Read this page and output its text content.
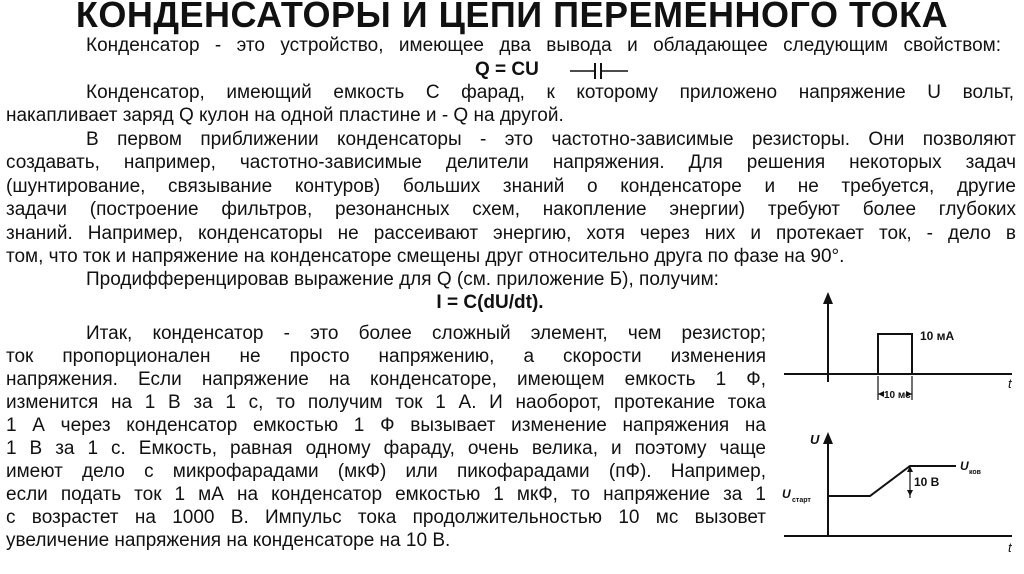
КОНДЕНСАТОРЫ И ЦЕПИ ПЕРЕМЕННОГО ТОКА

Конденсатор - это устройство, имеющее два вывода и обладающее следующим свойством:

Q = CU

Конденсатор, имеющий емкость С фарад, к которому приложено напряжение U вольт,

накапливает заряд Q кулон на одной пластине и - Q на другой.

В первом приближении конденсаторы - это частотно-зависимые резисторы. Они позволяют

создавать, например, частотно-зависимые делители напряжения. Для решения некоторых задач

(шунтирование, связывание контуров) больших знаний о конденсаторе и не требуется, другие

задачи (построение фильтров, резонансных схем, накопление энергии) требуют более глубоких

знаний. Например, конденсаторы не рассеивают энергию, хотя через них и протекает ток, - дело в

том, что ток и напряжение на конденсаторе смещены друг относительно друга по фазе на 90°.

Продифференцировав выражение для Q (см. приложение Б), получим:

I = C(dU/dt).

Итак, конденсатор - это более сложный элемент, чем резистор;

ток пропорционален не просто напряжению, а скорости изменения

напряжения. Если напряжение на конденсаторе, имеющем емкость 1 Ф,

изменится на 1 В за 1 с, то получим ток 1 А. И наоборот, протекание тока

1 А через конденсатор емкостью 1 Ф вызывает изменение напряжения на

1 В за 1 с. Емкость, равная одному фараду, очень велика, и поэтому чаще

имеют дело с микрофарадами (мкФ) или пикофарадами (пФ). Например,

если подать ток 1 мА на конденсатор емкостью 1 мкФ, то напряжение за 1

с возрастет на 1000 В. Импульс тока продолжительностью 10 мс вызовет

увеличение напряжения на конденсаторе на 10 В.

10 мА
t
10 мс
U
10 В
U старт
U ков
t
